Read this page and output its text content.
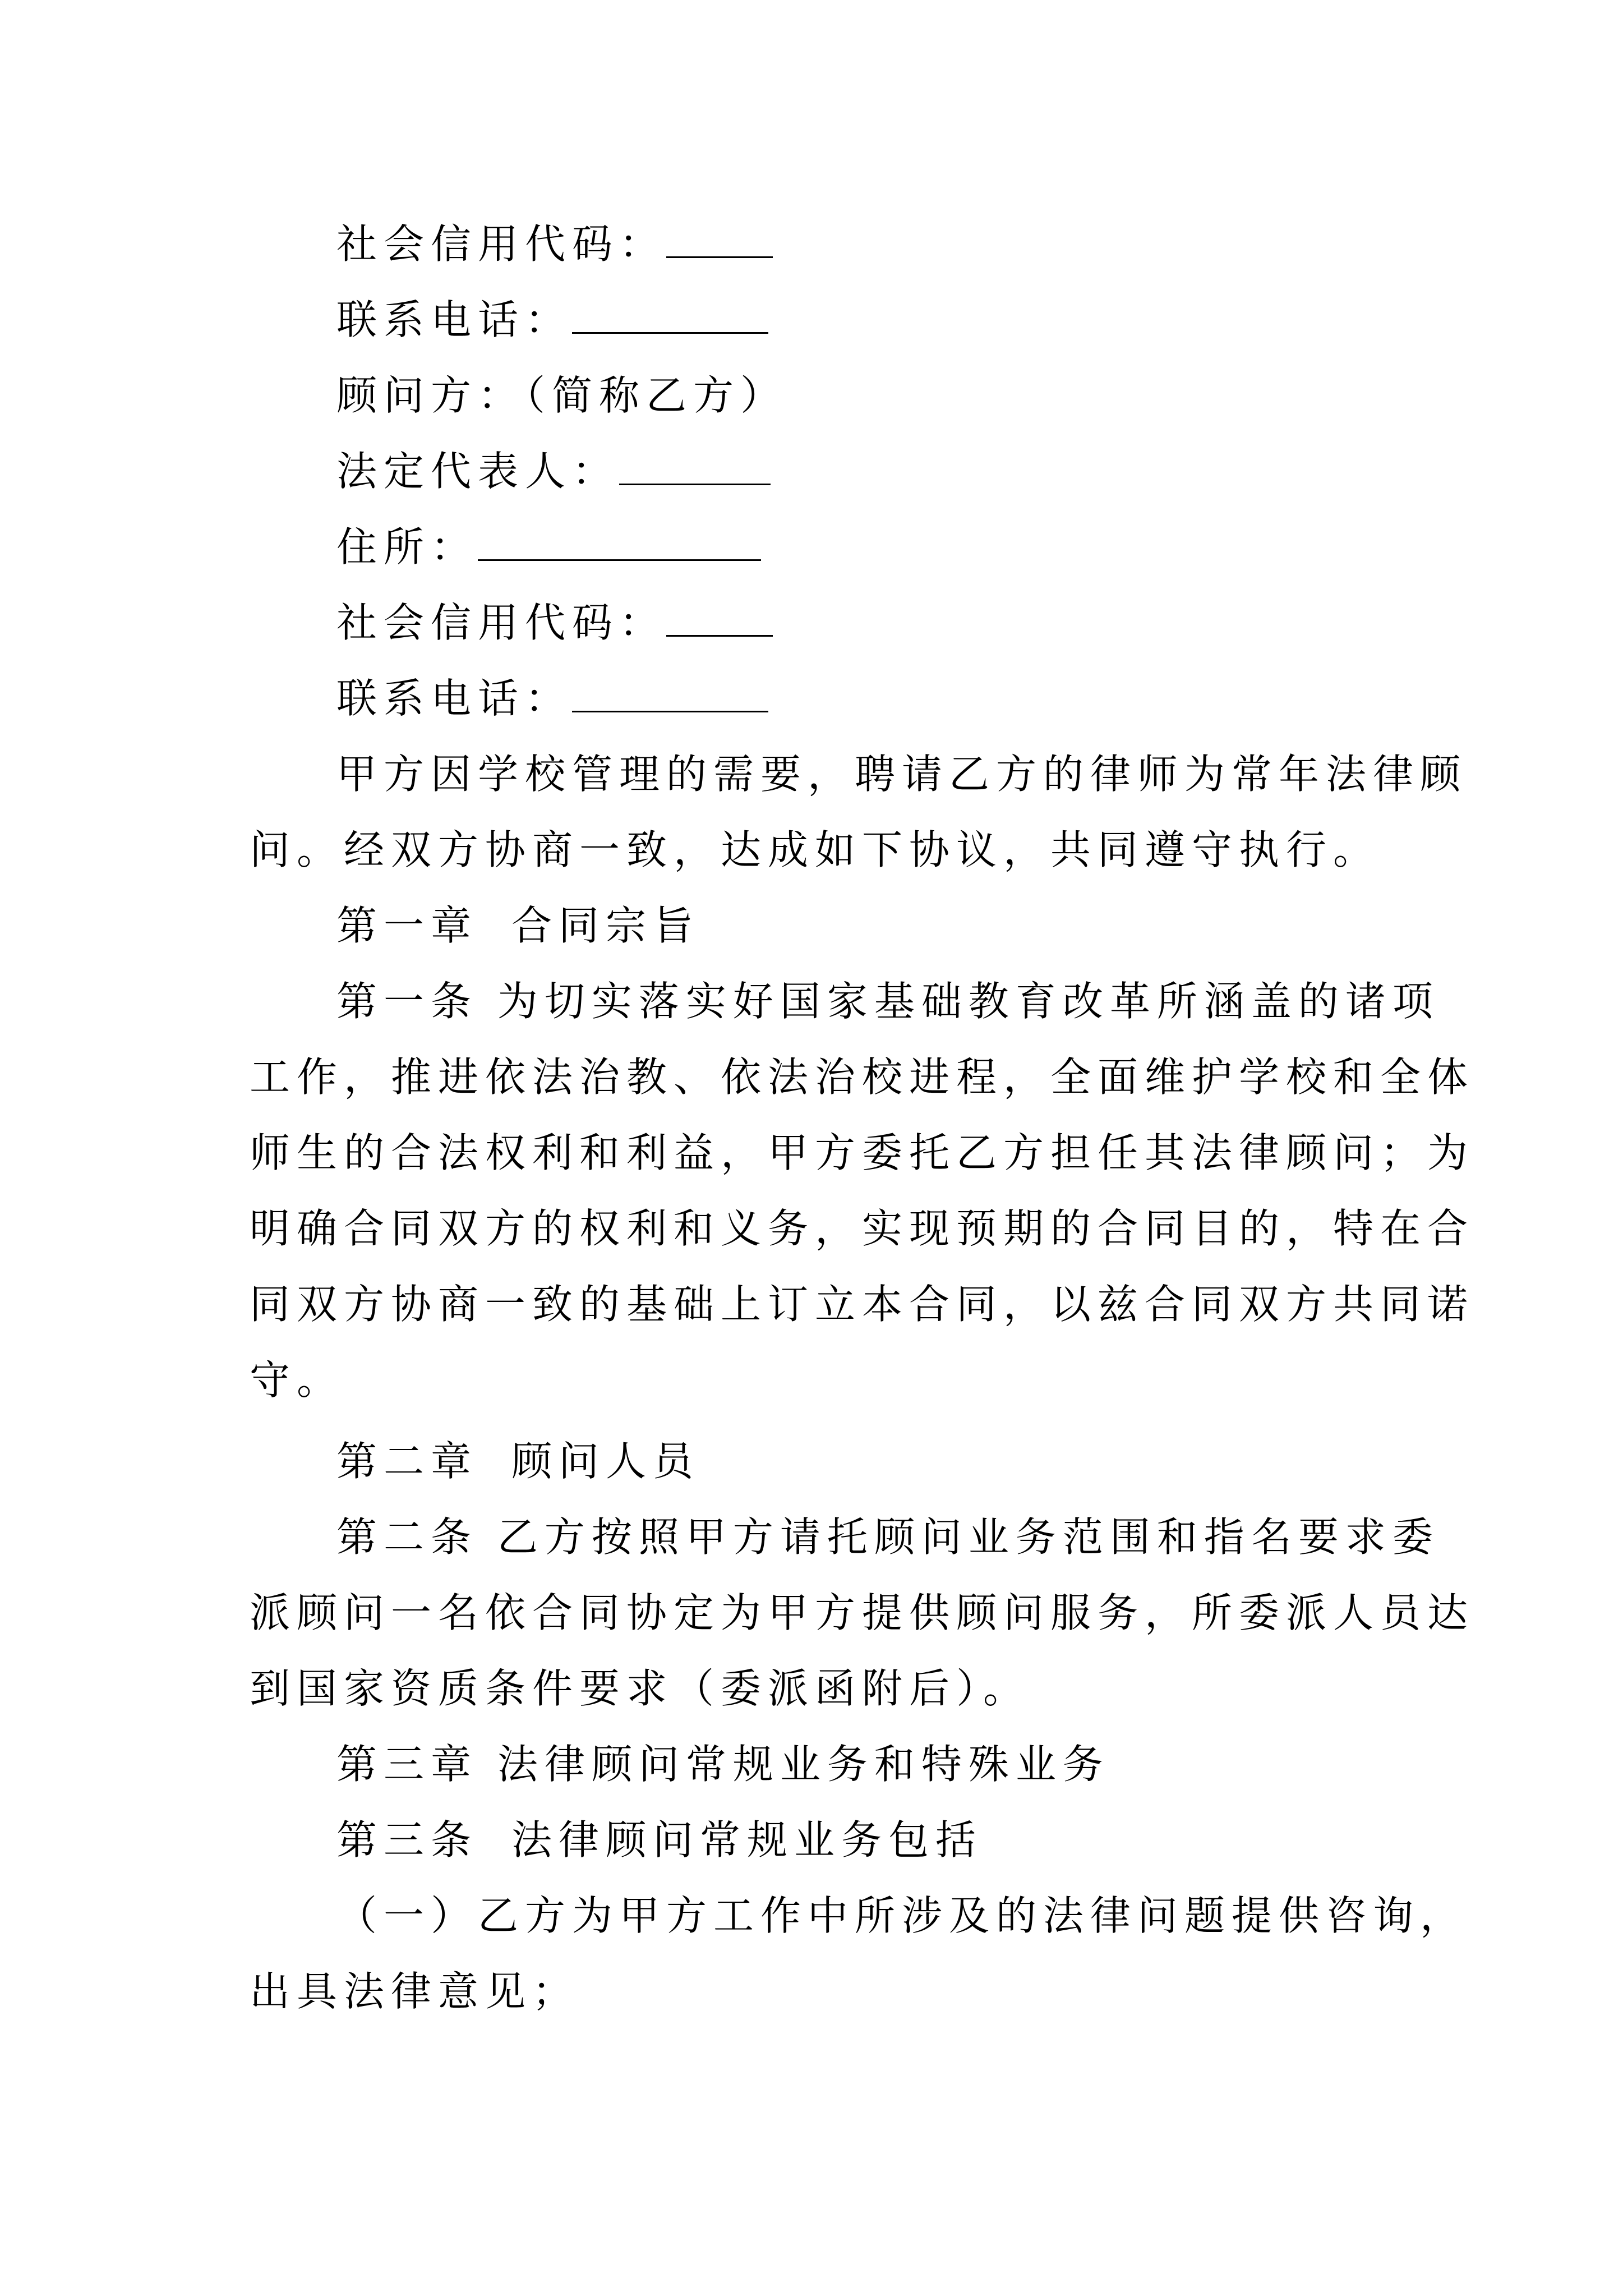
社会信用代码：
联系电话：
顾问方：（简称乙方）
法定代表人：
住所：
社会信用代码：
联系电话：
甲方因学校管理的需要，聘请乙方的律师为常年法律顾
问。经双方协商一致，达成如下协议，共同遵守执行。
第一章 合同宗旨
第一条 为切实落实好国家基础教育改革所涵盖的诸项
工作，推进依法治教、依法治校进程，全面维护学校和全体
师生的合法权利和利益，甲方委托乙方担任其法律顾问；为
明确合同双方的权利和义务，实现预期的合同目的，特在合
同双方协商一致的基础上订立本合同，以兹合同双方共同诺
守。
第二章 顾问人员
第二条 乙方按照甲方请托顾问业务范围和指名要求委
派顾问一名依合同协定为甲方提供顾问服务，所委派人员达
到国家资质条件要求（委派函附后）。
第三章 法律顾问常规业务和特殊业务
第三条 法律顾问常规业务包括
（一）乙方为甲方工作中所涉及的法律问题提供咨询，
出具法律意见；
